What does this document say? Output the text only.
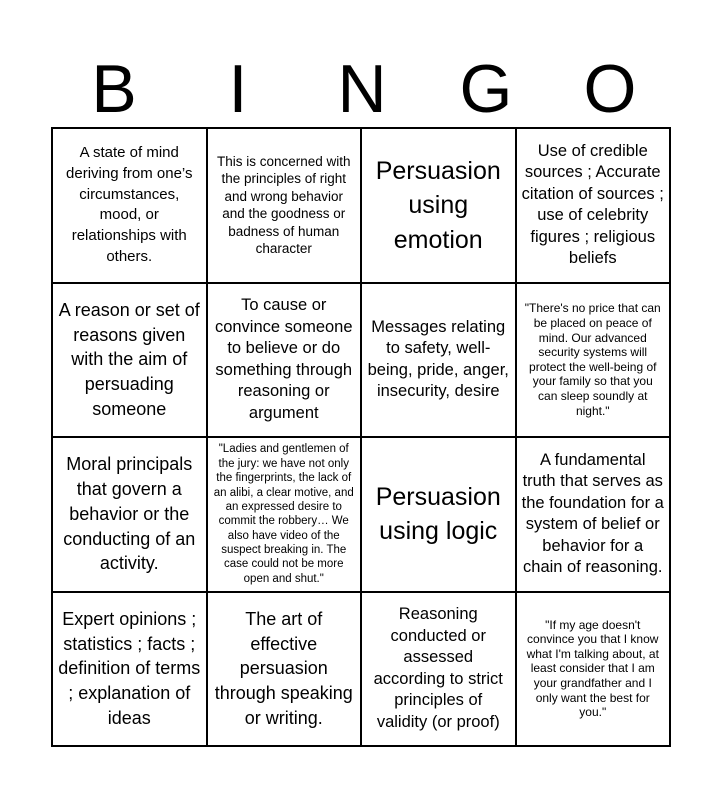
B	I	N	G	O
A state of mind deriving from one’s circumstances, mood, or relationships with others.
This is concerned with the principles of right and wrong behavior and the goodness or badness of human character
Persuasion using emotion
Use of credible sources ; Accurate citation of sources ; use of celebrity figures ; religious beliefs
A reason or set of reasons given with the aim of persuading someone
To cause or convince someone to believe or do something through reasoning or argument
Messages relating to safety, well-being, pride, anger, insecurity, desire
"There's no price that can be placed on peace of mind. Our advanced security systems will protect the well-being of your family so that you can sleep soundly at night."
Moral principals that govern a behavior or the conducting of an activity.
"Ladies and gentlemen of the jury: we have not only the fingerprints, the lack of an alibi, a clear motive, and an expressed desire to commit the robbery… We also have video of the suspect breaking in. The case could not be more open and shut."
Persuasion using logic
A fundamental truth that serves as the foundation for a system of belief or behavior for a chain of reasoning.
Expert opinions ; statistics ; facts ; definition of terms ; explanation of ideas
The art of effective persuasion through speaking or writing.
Reasoning conducted or assessed according to strict principles of validity (or proof)
"If my age doesn't convince you that I know what I'm talking about, at least consider that I am your grandfather and I only want the best for you."
